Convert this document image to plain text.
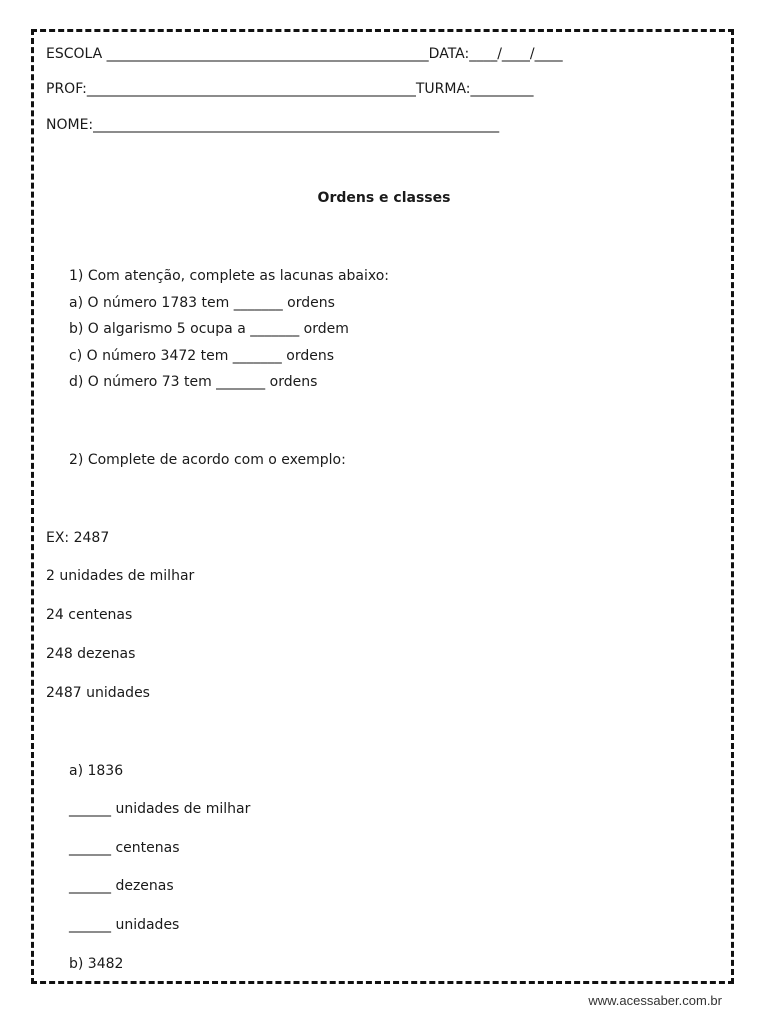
ESCOLA ______________________________________________DATA:____/____/____
PROF:_______________________________________________TURMA:_________
NOME:__________________________________________________________
Ordens e classes
1) Com atenção, complete as lacunas abaixo:
a) O número 1783 tem _______ ordens
b) O algarismo 5 ocupa a _______ ordem
c) O número 3472 tem _______ ordens
d) O número 73 tem _______ ordens
2) Complete de acordo com o exemplo:
EX: 2487
2 unidades de milhar
24 centenas
248 dezenas
2487 unidades
a) 1836
______ unidades de milhar
______ centenas
______ dezenas
______ unidades
b) 3482
www.acessaber.com.br
